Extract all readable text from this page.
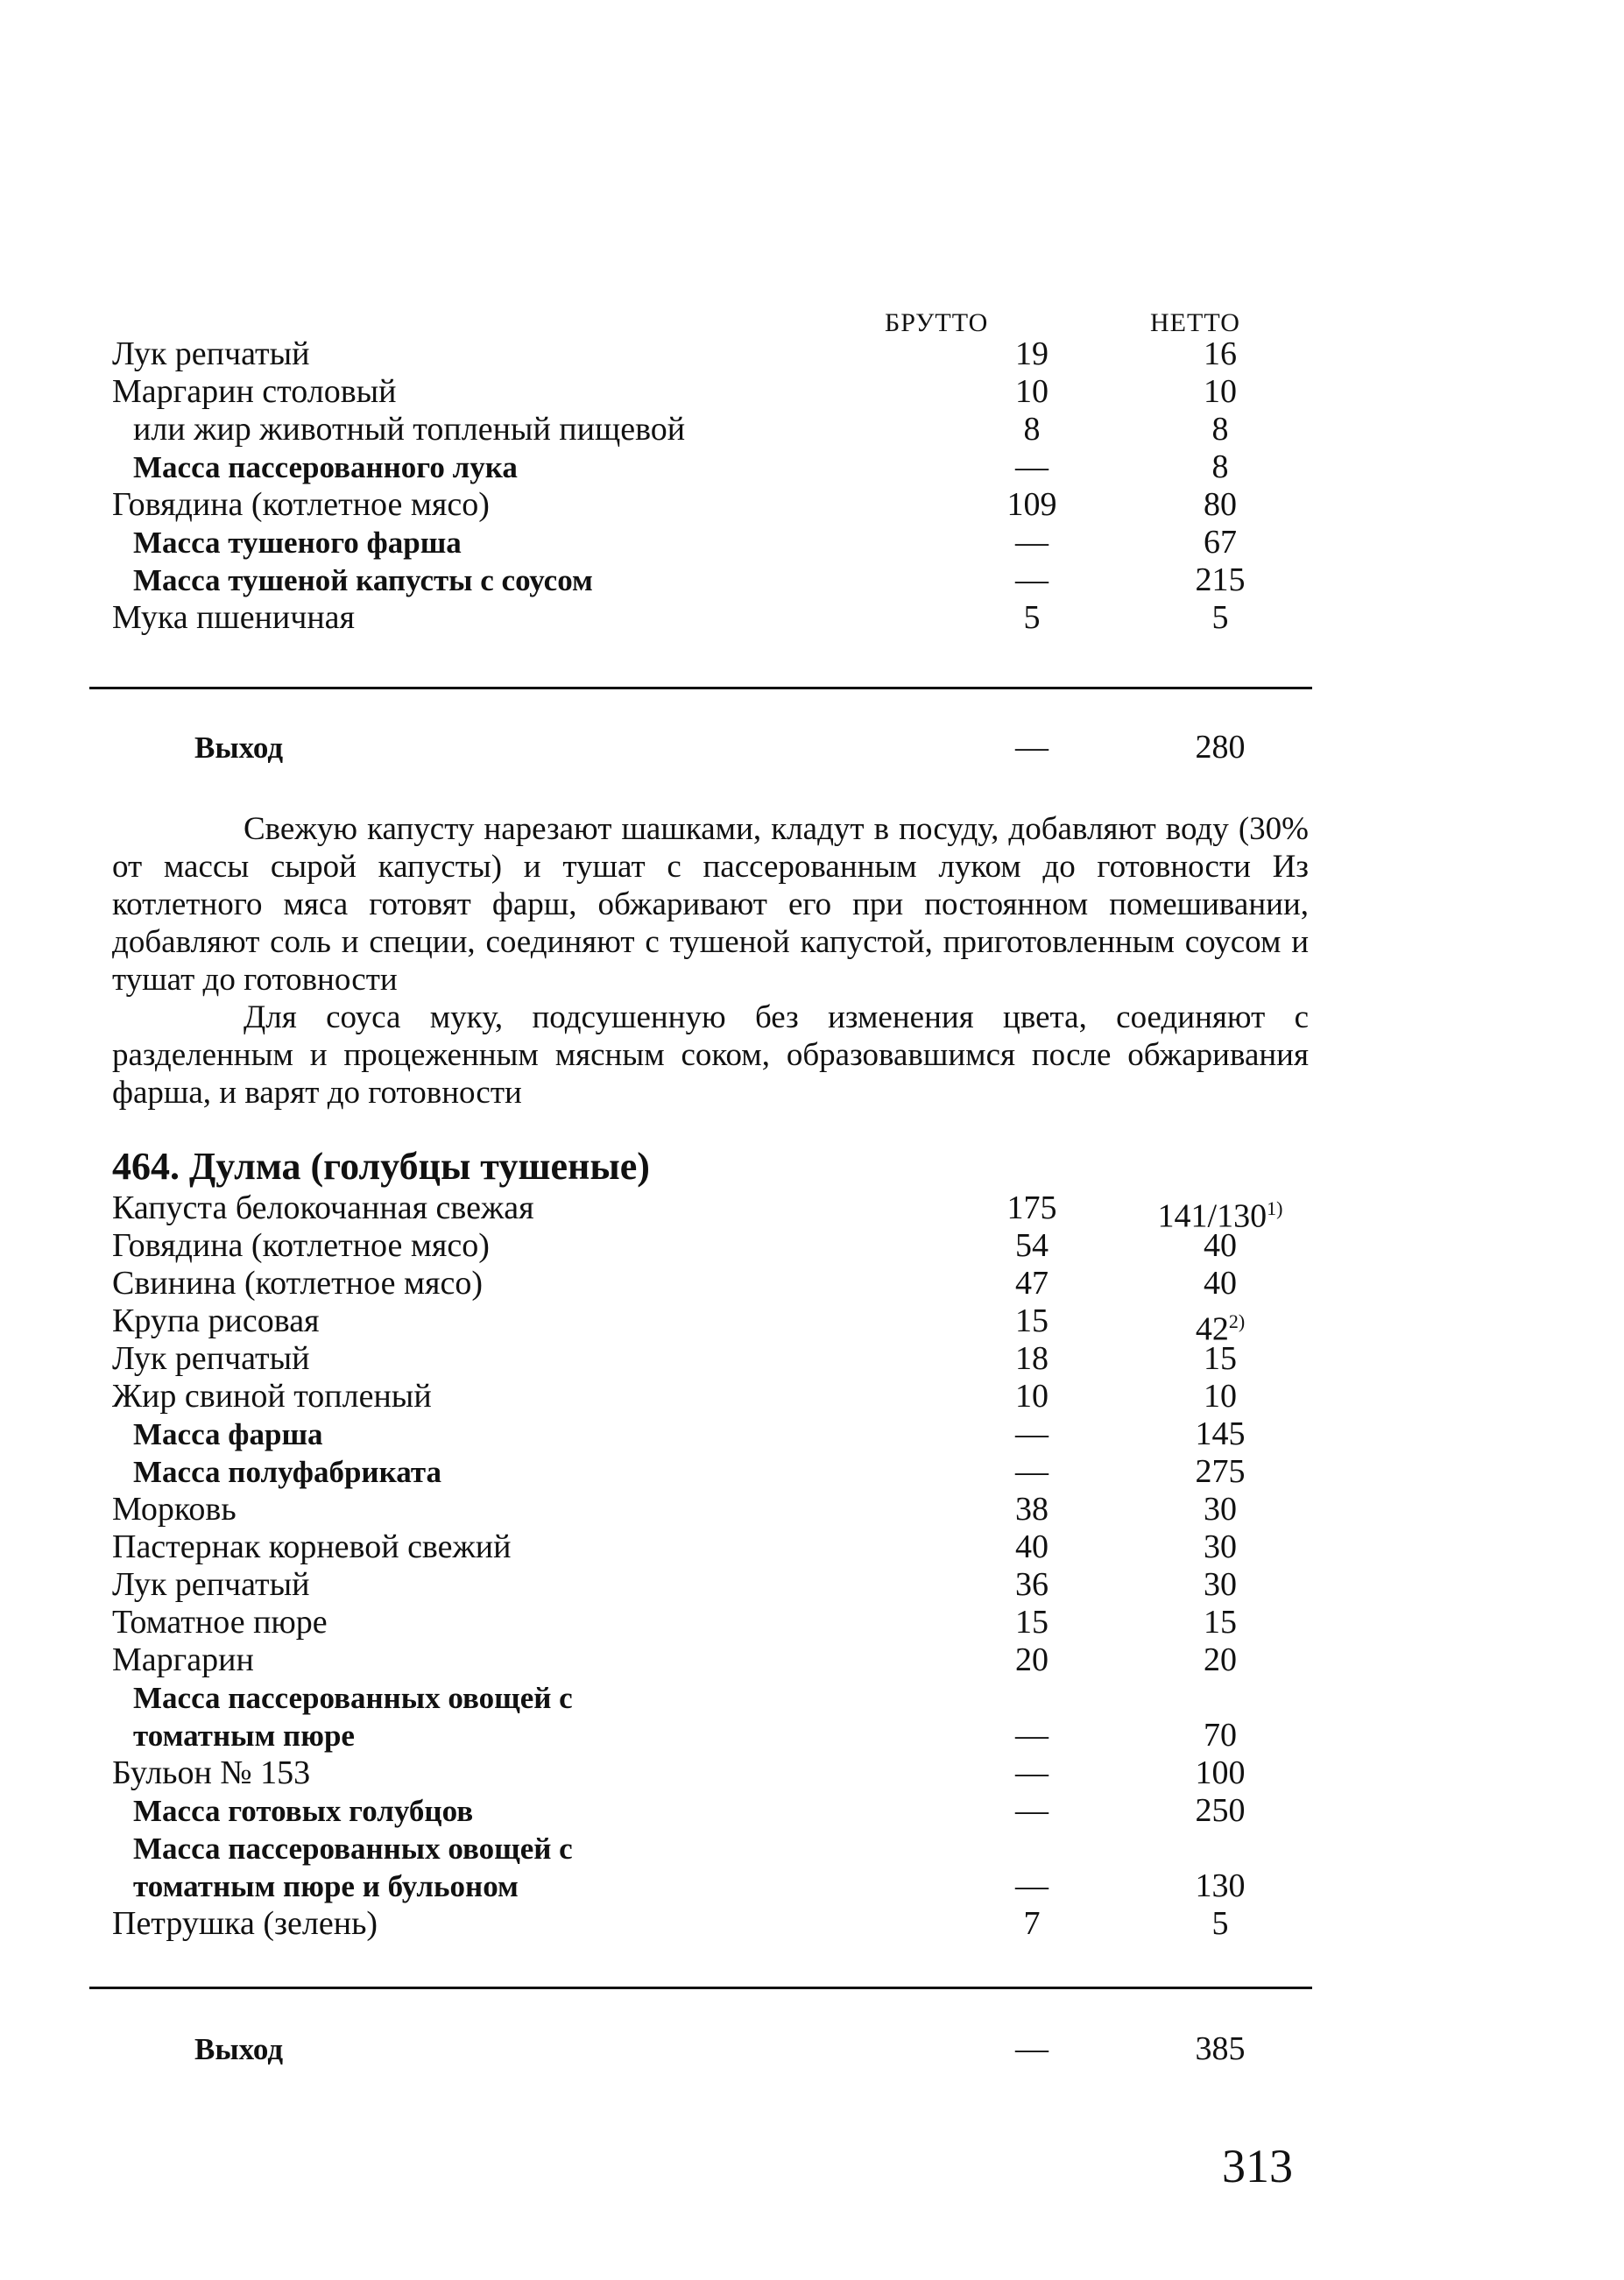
БРУТТО	НЕТТО
Лук репчатый	19	16
Маргарин столовый	10	10
или жир животный топленый пищевой	8	8
Масса пассерованного лука	—	8
Говядина (котлетное мясо)	109	80
Масса тушеного фарша	—	67
Масса тушеной капусты с соусом	—	215
Мука пшеничная	5	5
Выход	—	280

Свежую капусту нарезают шашками, кладут в посуду, добавляют воду (30% от массы сырой капусты) и тушат с пассерованным луком до готовности Из котлетного мяса готовят фарш, обжаривают его при постоянном помешивании, добавляют соль и специи, соединяют с тушеной капустой, приготовленным соусом и тушат до готовности

Для соуса муку, подсушенную без изменения цвета, соединяют с разделенным и процеженным мясным соком, образовавшимся после обжаривания фарша, и варят до готовности

464. Дулма (голубцы тушеные)
Капуста белокочанная свежая	175	141/130$^{1)}$
Говядина (котлетное мясо)	54	40
Свинина (котлетное мясо)	47	40
Крупа рисовая	15	42$^{2)}$
Лук репчатый	18	15
Жир свиной топленый	10	10
Масса фарша	—	145
Масса полуфабриката	—	275
Морковь	38	30
Пастернак корневой свежий	40	30
Лук репчатый	36	30
Томатное пюре	15	15
Маргарин	20	20
Масса пассерованных овощей с
томатным пюре	—	70
Бульон № 153	—	100
Масса готовых голубцов	—	250
Масса пассерованных овощей с
томатным пюре и бульоном	—	130
Петрушка (зелень)	7	5
Выход	—	385
313
